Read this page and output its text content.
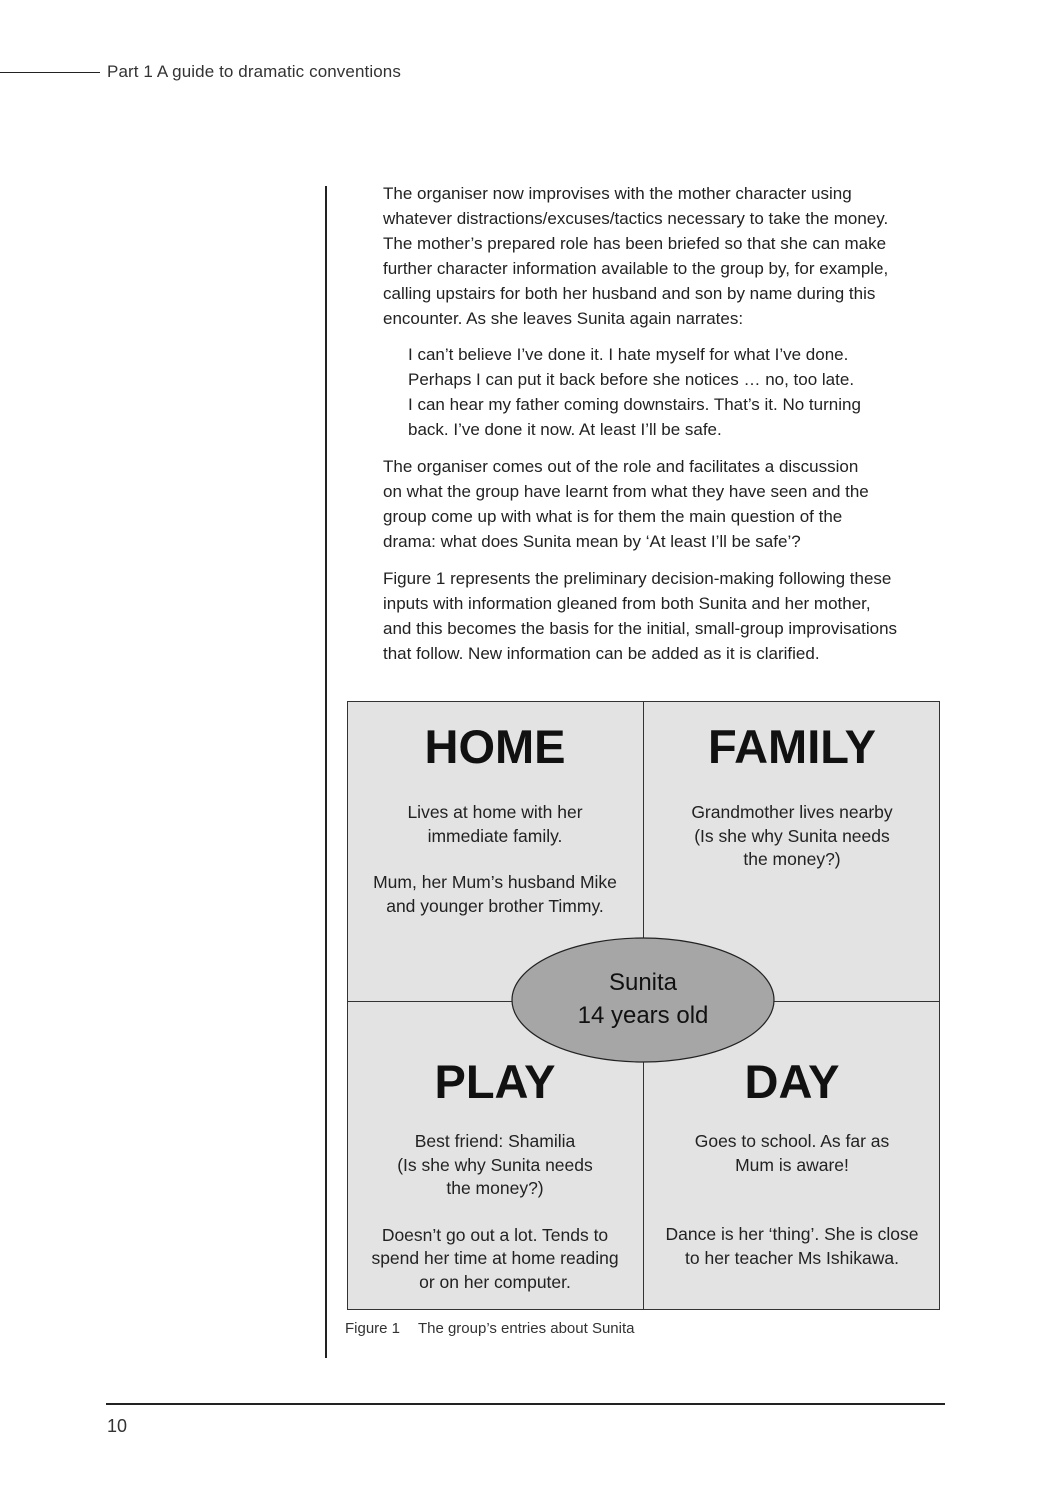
Part 1 A guide to dramatic conventions

The organiser now improvises with the mother character using
whatever distractions/excuses/tactics necessary to take the money.
The mother’s prepared role has been briefed so that she can make
further character information available to the group by, for example,
calling upstairs for both her husband and son by name during this
encounter. As she leaves Sunita again narrates:

I can’t believe I’ve done it. I hate myself for what I’ve done.
Perhaps I can put it back before she notices … no, too late.
I can hear my father coming downstairs. That’s it. No turning
back. I’ve done it now. At least I’ll be safe.

The organiser comes out of the role and facilitates a discussion
on what the group have learnt from what they have seen and the
group come up with what is for them the main question of the
drama: what does Sunita mean by ‘At least I’ll be safe’?

Figure 1 represents the preliminary decision-making following these
inputs with information gleaned from both Sunita and her mother,
and this becomes the basis for the initial, small-group improvisations
that follow. New information can be added as it is clarified.

HOME
Lives at home with her
immediate family.
Mum, her Mum’s husband Mike
and younger brother Timmy.
FAMILY
Grandmother lives nearby
(Is she why Sunita needs
the money?)
PLAY
Best friend: Shamilia
(Is she why Sunita needs
the money?)
Doesn’t go out a lot. Tends to
spend her time at home reading
or on her computer.
DAY
Goes to school. As far as
Mum is aware!
Dance is her ‘thing’. She is close
to her teacher Ms Ishikawa.
Sunita
14 years old
Figure 1 The group’s entries about Sunita
10
